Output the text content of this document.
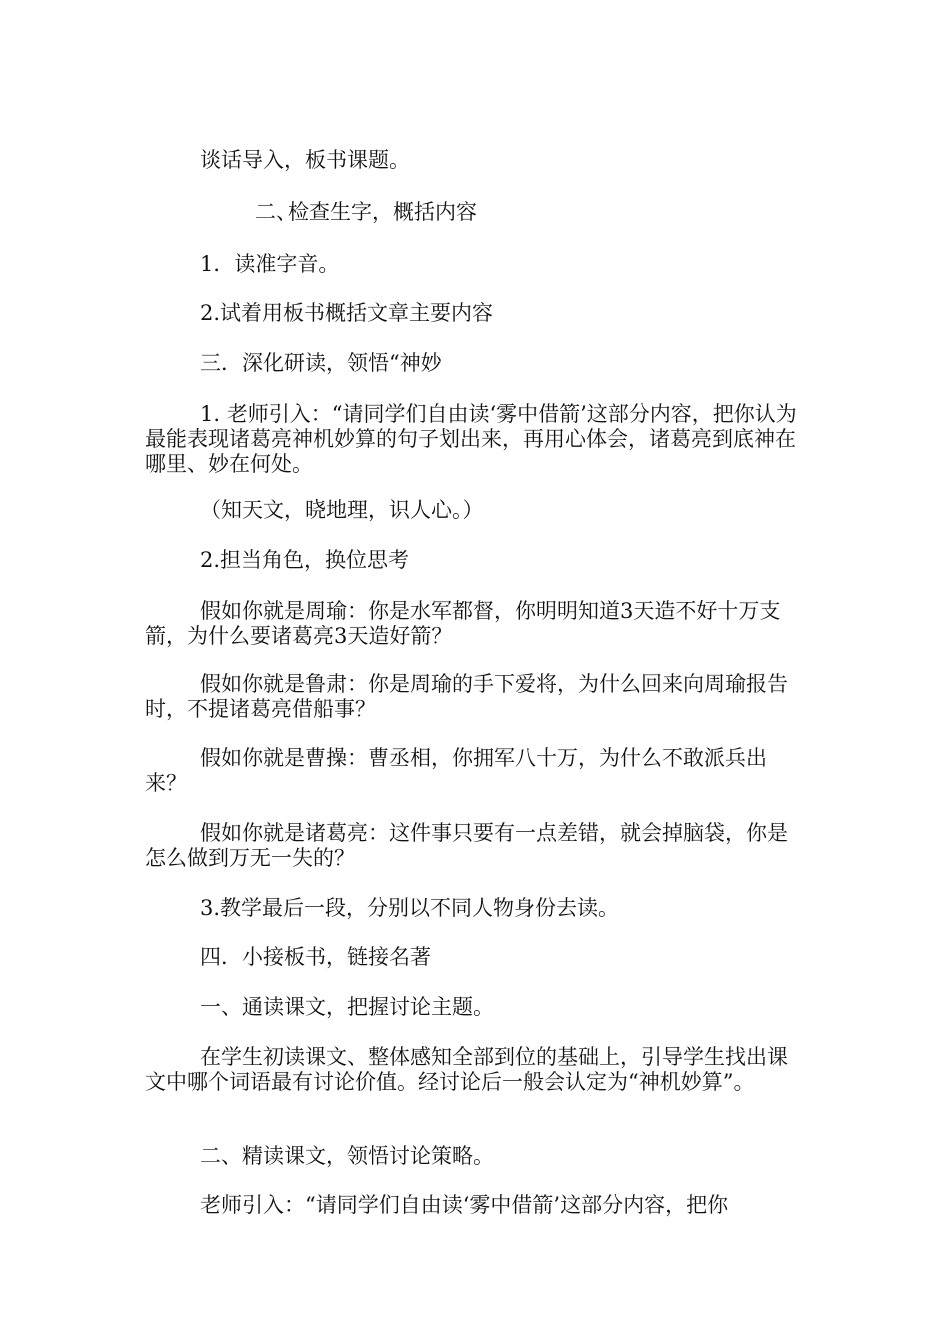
谈话导入，板书课题。

二、检查生字，概括内容

1．读准字音。

2.试着用板书概括文章主要内容

三．深化研读，领悟“神妙

1. 老师引入：“请同学们自由读‘雾中借箭’这部分内容，把你认为最能表现诸葛亮神机妙算的句子划出来，再用心体会，诸葛亮到底神在哪里、妙在何处。

（知天文，晓地理，识人心。）

2.担当角色，换位思考

假如你就是周瑜：你是水军都督，你明明知道3天造不好十万支箭，为什么要诸葛亮3天造好箭？

假如你就是鲁肃：你是周瑜的手下爱将，为什么回来向周瑜报告时，不提诸葛亮借船事？

假如你就是曹操：曹丞相，你拥军八十万，为什么不敢派兵出来？

假如你就是诸葛亮：这件事只要有一点差错，就会掉脑袋，你是怎么做到万无一失的？

3.教学最后一段，分别以不同人物身份去读。

四．小接板书，链接名著

一、通读课文，把握讨论主题。

在学生初读课文、整体感知全部到位的基础上，引导学生找出课文中哪个词语最有讨论价值。经讨论后一般会认定为“神机妙算”。

二、精读课文，领悟讨论策略。

老师引入：“请同学们自由读‘雾中借箭’这部分内容，把你
